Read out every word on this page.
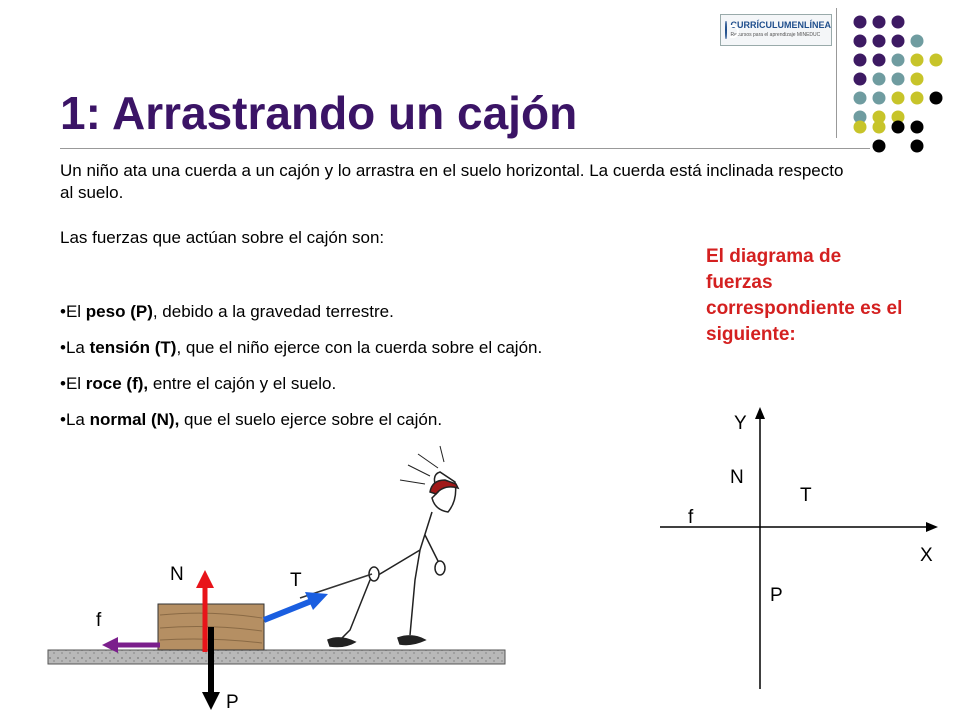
CURRÍCULUMENLÍNEA
Recursos para el aprendizaje MINEDUC
1: Arrastrando un cajón

Un niño ata una cuerda a un cajón y lo arrastra en el suelo horizontal. La cuerda está inclinada respecto al suelo.

Las fuerzas que actúan sobre el cajón son:

•El peso (P), debido a la gravedad terrestre.
•La tensión (T), que el niño ejerce con la cuerda sobre el cajón.
•El roce (f), entre el cajón y el suelo.
•La normal (N), que el suelo ejerce sobre el cajón.

El diagrama de fuerzas correspondiente es el siguiente:

N	T
f
P
Y
X
N
T
f
P
